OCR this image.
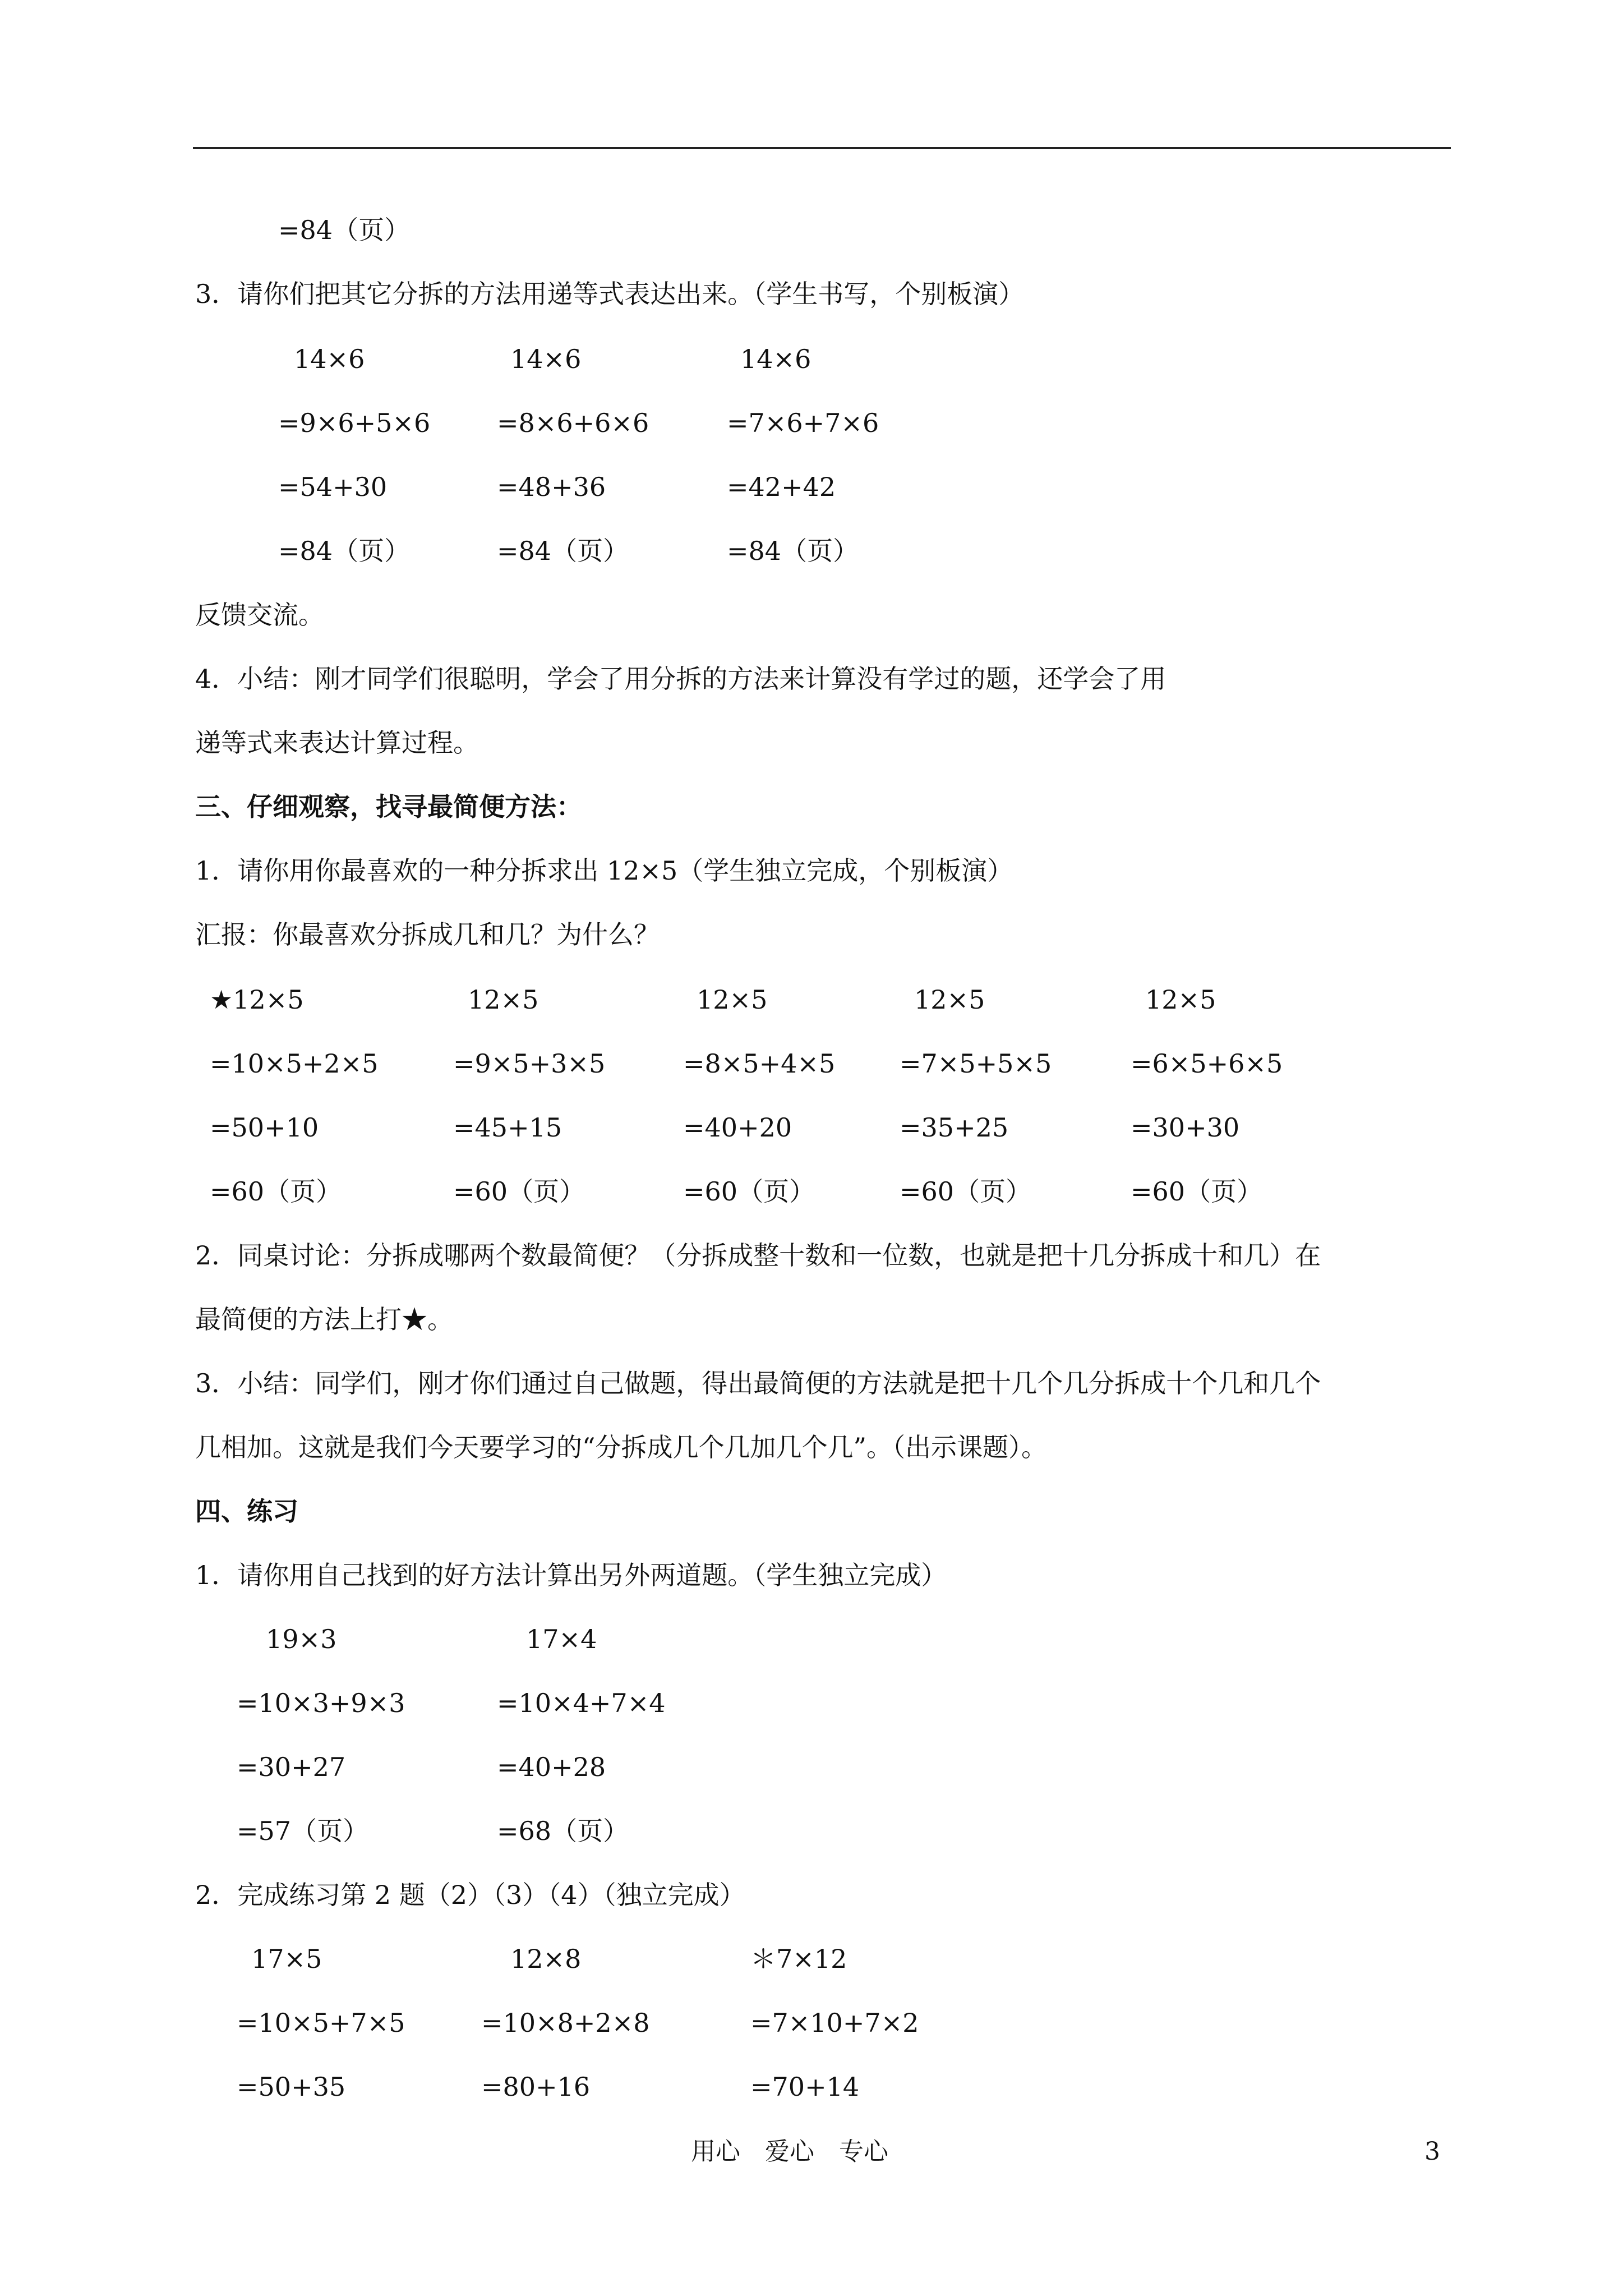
=84（页）
3．请你们把其它分拆的方法用递等式表达出来。（学生书写，个别板演）
14×6	14×6	14×6
=9×6+5×6	=8×6+6×6	=7×6+7×6
=54+30	=48+36	=42+42
=84（页）	=84（页）	=84（页）
反馈交流。
4．小结：刚才同学们很聪明，学会了用分拆的方法来计算没有学过的题，还学会了用
递等式来表达计算过程。
三、仔细观察，找寻最简便方法：
1．请你用你最喜欢的一种分拆求出 12×5（学生独立完成，个别板演）
汇报：你最喜欢分拆成几和几？为什么？
★12×5	12×5	12×5	12×5	12×5
=10×5+2×5	=9×5+3×5	=8×5+4×5 =7×5+5×5	=6×5+6×5
=50+10	=45+15	=40+20	=35+25	=30+30
=60（页）	=60（页）	=60（页）	=60（页）	=60（页）
2．同桌讨论：分拆成哪两个数最简便？（分拆成整十数和一位数，也就是把十几分拆成十和几）在
最简便的方法上打★。
3．小结：同学们，刚才你们通过自己做题，得出最简便的方法就是把十几个几分拆成十个几和几个
几相加。这就是我们今天要学习的“分拆成几个几加几个几”。（出示课题）。
四、练习
1．请你用自己找到的好方法计算出另外两道题。（学生独立完成）
19×3	17×4
=10×3+9×3	=10×4+7×4
=30+27	=40+28
=57（页）	=68（页）
2．完成练习第 2 题（2）（3）（4）（独立完成）
17×5	12×8	＊7×12
=10×5+7×5	=10×8+2×8	=7×10+7×2
=50+35	=80+16	=70+14
用心　爱心　专心	3
